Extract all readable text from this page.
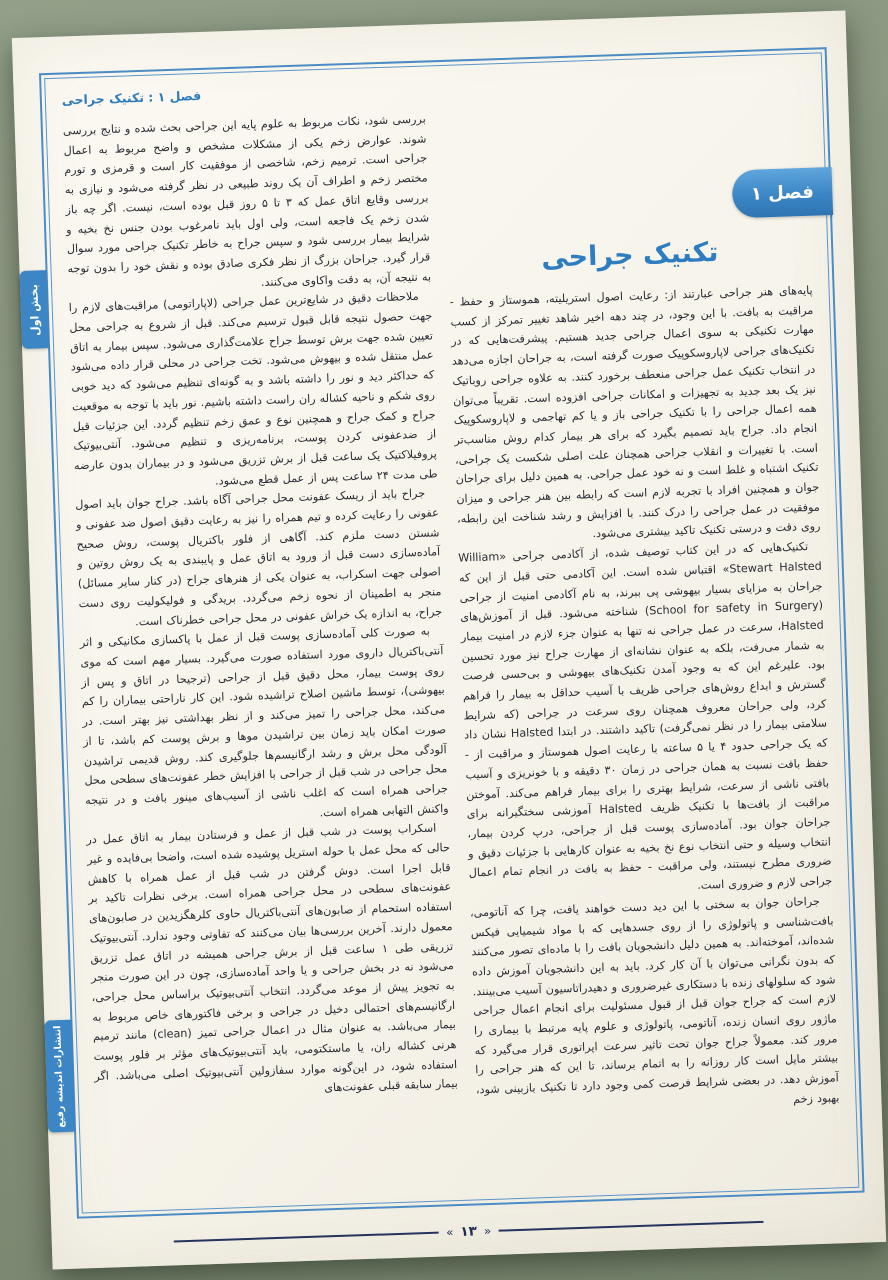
فصل ۱
بخش اول
انتشارات اندیشه رفیع
تکنیک جراحی

پایه‌های هنر جراحی عبارتند از: رعایت اصول استریلیته، هموستاز و حفظ - مراقبت به بافت. با این وجود، در چند دهه اخیر شاهد تغییر تمرکز از کسب مهارت تکنیکی به سوی اعمال جراحی جدید هستیم. پیشرفت‌هایی که در تکنیک‌های جراحی لاپاروسکوپیک صورت گرفته است، به جراحان اجازه می‌دهد در انتخاب تکنیک عمل جراحی منعطف برخورد کنند. به علاوه جراحی روباتیک نیز یک بعد جدید به تجهیزات و امکانات جراحی افزوده است. تقریباً می‌توان همه اعمال جراحی را با تکنیک جراحی باز و یا کم تهاجمی و لاپاروسکوپیک انجام داد. جراح باید تصمیم بگیرد که برای هر بیمار کدام روش مناسب‌تر است. با تغییرات و انقلاب جراحی همچنان علت اصلی شکست یک جراحی، تکنیک اشتباه و غلط است و نه خود عمل جراحی. به همین دلیل برای جراحان جوان و همچنین افراد با تجربه لازم است که رابطه بین هنر جراحی و میزان موفقیت در عمل جراحی را درک کنند. با افزایش و رشد شناخت این رابطه، روی دقت و درستی تکنیک تاکید بیشتری می‌شود.

تکنیک‌هایی که در این کتاب توصیف شده، از آکادمی جراحی «William Stewart Halsted» اقتباس شده است. این آکادمی حتی قبل از این که جراحان به مزایای بسیار بیهوشی پی ببرند، به نام آکادمی امنیت از جراحی (School for safety in Surgery) شناخته می‌شود. قبل از آموزش‌های Halsted، سرعت در عمل جراحی نه تنها به عنوان جزء لازم در امنیت بیمار به شمار می‌رفت، بلکه به عنوان نشانه‌ای از مهارت جراح نیز مورد تحسین بود. علیرغم این که به وجود آمدن تکنیک‌های بیهوشی و بی‌حسی فرصت گسترش و ابداع روش‌های جراحی ظریف با آسیب حداقل به بیمار را فراهم کرد، ولی جراحان معروف همچنان روی سرعت در جراحی (که شرایط سلامتی بیمار را در نظر نمی‌گرفت) تاکید داشتند. در ابتدا Halsted نشان داد که یک جراحی حدود ۴ یا ۵ ساعته با رعایت اصول هموستاز و مراقبت از - حفظ بافت نسبت به همان جراحی در زمان ۳۰ دقیقه و با خونریزی و آسیب بافتی ناشی از سرعت، شرایط بهتری را برای بیمار فراهم می‌کند. آموختن مراقبت از بافت‌ها با تکنیک ظریف Halsted آموزشی سختگیرانه برای جراحان جوان بود. آماده‌سازی پوست قبل از جراحی، درپ کردن بیمار، انتخاب وسیله و حتی انتخاب نوع نخ بخیه به عنوان کارهایی با جزئیات دقیق و ضروری مطرح نیستند، ولی مراقبت - حفظ به بافت در انجام تمام اعمال جراحی لازم و ضروری است.

جراحان جوان به سختی با این دید دست خواهند یافت، چرا که آناتومی، بافت‌شناسی و پاتولوژی را از روی جسدهایی که با مواد شیمیایی فیکس شده‌اند، آموخته‌اند. به همین دلیل دانشجویان بافت را با ماده‌ای تصور می‌کنند که بدون نگرانی می‌توان با آن کار کرد. باید به این دانشجویان آموزش داده شود که سلولهای زنده با دستکاری غیرضروری و دهیدراتاسیون آسیب می‌بینند. لازم است که جراح جوان قبل از قبول مسئولیت برای انجام اعمال جراحی ماژور روی انسان زنده، آناتومی، پاتولوژی و علوم پایه مرتبط با بیماری را مرور کند. معمولاً جراح جوان تحت تاثیر سرعت اپراتوری قرار می‌گیرد که بیشتر مایل است کار روزانه را به اتمام برساند، تا این که هنر جراحی را آموزش دهد. در بعضی شرایط فرصت کمی وجود دارد تا تکنیک بازبینی شود، بهبود زخم

فصل ۱ : تکنیک جراحی

بررسی شود، نکات مربوط به علوم پایه این جراحی بحث شده و نتایج بررسی شوند. عوارض زخم یکی از مشکلات مشخص و واضح مربوط به اعمال جراحی است. ترمیم زخم، شاخصی از موفقیت کار است و قرمزی و تورم مختصر زخم و اطراف آن یک روند طبیعی در نظر گرفته می‌شود و نیازی به بررسی وقایع اتاق عمل که ۳ تا ۵ روز قبل بوده است، نیست. اگر چه باز شدن زخم یک فاجعه است، ولی اول باید نامرغوب بودن جنس نخ بخیه و شرایط بیمار بررسی شود و سپس جراح به خاطر تکنیک جراحی مورد سوال قرار گیرد. جراحان بزرگ از نظر فکری صادق بوده و نقش خود را بدون توجه به نتیجه آن، به دقت واکاوی می‌کنند.

ملاحظات دقیق در شایع‌ترین عمل جراحی (لاپاراتومی) مراقبت‌های لازم را جهت حصول نتیجه قابل قبول ترسیم می‌کند. قبل از شروع به جراحی محل تعیین شده جهت برش توسط جراح علامت‌گذاری می‌شود. سپس بیمار به اتاق عمل منتقل شده و بیهوش می‌شود. تخت جراحی در محلی قرار داده می‌شود که حداکثر دید و نور را داشته باشد و به گونه‌ای تنظیم می‌شود که دید خوبی روی شکم و ناحیه کشاله ران راست داشته باشیم. نور باید با توجه به موقعیت جراح و کمک جراح و همچنین نوع و عمق زخم تنظیم گردد. این جزئیات قبل از ضدعفونی کردن پوست، برنامه‌ریزی و تنظیم می‌شود. آنتی‌بیوتیک پروفیلاکتیک یک ساعت قبل از برش تزریق می‌شود و در بیماران بدون عارضه طی مدت ۲۴ ساعت پس از عمل قطع می‌شود.

جراح باید از ریسک عفونت محل جراحی آگاه باشد. جراح جوان باید اصول عفونی را رعایت کرده و تیم همراه را نیز به رعایت دقیق اصول ضد عفونی و شستن دست ملزم کند. آگاهی از فلور باکتریال پوست، روش صحیح آماده‌سازی دست قبل از ورود به اتاق عمل و پایبندی به یک روش روتین و اصولی جهت اسکراب، به عنوان یکی از هنرهای جراح (در کنار سایر مسائل) منجر به اطمینان از نحوه زخم می‌گردد. بریدگی و فولیکولیت روی دست جراح، به اندازه یک خراش عفونی در محل جراحی خطرناک است.

به صورت کلی آماده‌سازی پوست قبل از عمل با پاکسازی مکانیکی و اثر آنتی‌باکتریال داروی مورد استفاده صورت می‌گیرد. بسیار مهم است که موی روی پوست بیمار، محل دقیق قبل از جراحی (ترجیحا در اتاق و پس از بیهوشی)، توسط ماشین اصلاح تراشیده شود. این کار ناراحتی بیماران را کم می‌کند، محل جراحی را تمیز می‌کند و از نظر بهداشتی نیز بهتر است. در صورت امکان باید زمان بین تراشیدن موها و برش پوست کم باشد، تا از آلودگی محل برش و رشد ارگانیسم‌ها جلوگیری کند. روش قدیمی تراشیدن محل جراحی در شب قبل از جراحی با افزایش خطر عفونت‌های سطحی محل جراحی همراه است که اغلب ناشی از آسیب‌های مینور بافت و در نتیجه واکنش التهابی همراه است.

اسکراب پوست در شب قبل از عمل و فرستادن بیمار به اتاق عمل در حالی که محل عمل با حوله استریل پوشیده شده است، واضحا بی‌فایده و غیر قابل اجرا است. دوش گرفتن در شب قبل از عمل همراه با کاهش عفونت‌های سطحی در محل جراحی همراه است. برخی نظرات تاکید بر استفاده استحمام از صابون‌های آنتی‌باکتریال حاوی کلرهگزیدین در صابون‌های معمول دارند. آخرین بررسی‌ها بیان می‌کنند که تفاوتی وجود ندارد. آنتی‌بیوتیک تزریقی طی ۱ ساعت قبل از برش جراحی همیشه در اتاق عمل تزریق می‌شود نه در بخش جراحی و یا واحد آماده‌سازی، چون در این صورت منجر به تجویز پیش از موعد می‌گردد. انتخاب آنتی‌بیوتیک براساس محل جراحی، ارگانیسم‌های احتمالی دخیل در جراحی و برخی فاکتورهای خاص مربوط به بیمار می‌باشد. به عنوان مثال در اعمال جراحی تمیز (clean) مانند ترمیم هرنی کشاله ران، یا ماستکتومی، باید آنتی‌بیوتیک‌های مؤثر بر فلور پوست استفاده شود، در این‌گونه موارد سفازولین آنتی‌بیوتیک اصلی می‌باشد. اگر بیمار سابقه قبلی عفونت‌های

«
۱۳
»
